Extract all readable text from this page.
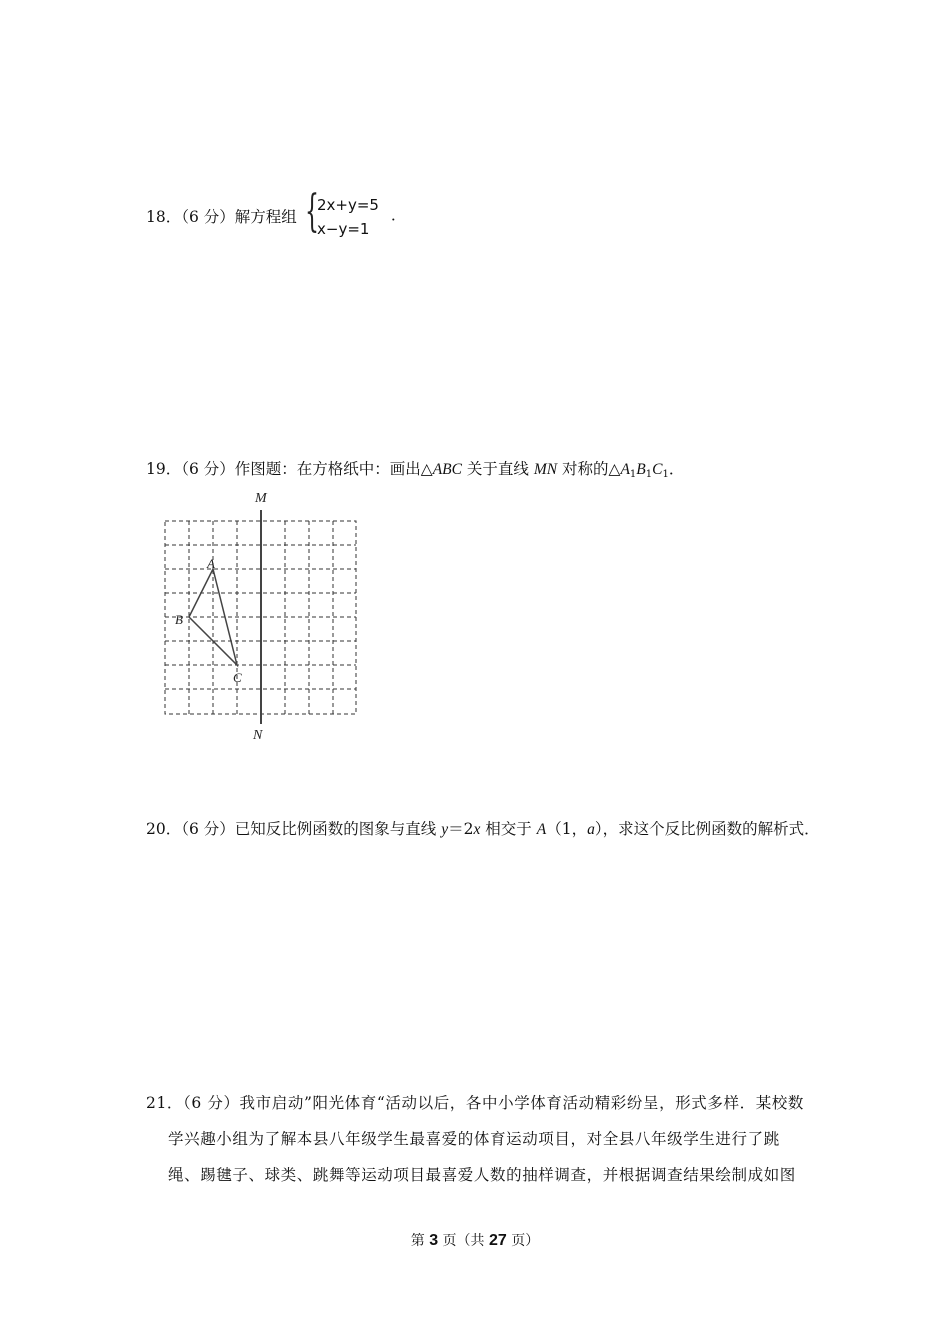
18．（6 分）解方程组 {
2x+y=5
x−y=1
．
19．（6 分）作图题：在方格纸中：画出△ABC 关于直线 MN 对称的$\triangle A_1B_1C_1$．
M
N
A
B
C
20．（6 分）已知反比例函数的图象与直线 y＝2x 相交于 A（1，a），求这个反比例函数的解析式．
21．（6 分）我市启动”阳光体育“活动以后，各中小学体育活动精彩纷呈，形式多样．某校数
学兴趣小组为了解本县八年级学生最喜爱的体育运动项目，对全县八年级学生进行了跳
绳、踢毽子、球类、跳舞等运动项目最喜爱人数的抽样调查，并根据调查结果绘制成如图
第 3 页（共 27 页）
